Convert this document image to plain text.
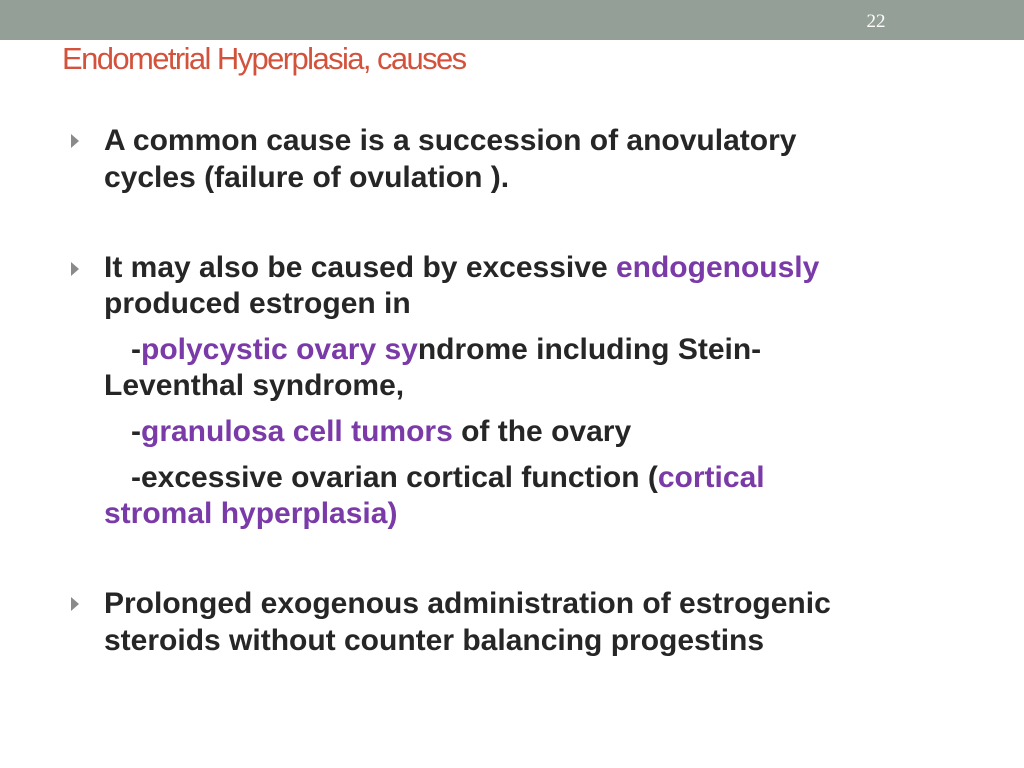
22
Endometrial Hyperplasia, causes
A common cause is a succession of anovulatory
cycles (failure of ovulation ).
It may also be caused by excessive endogenously
produced estrogen in
-polycystic ovary syndrome including Stein-
Leventhal syndrome,
-granulosa cell tumors of the ovary
-excessive ovarian cortical function (cortical
stromal hyperplasia)
Prolonged exogenous administration of estrogenic
steroids without counter balancing progestins
